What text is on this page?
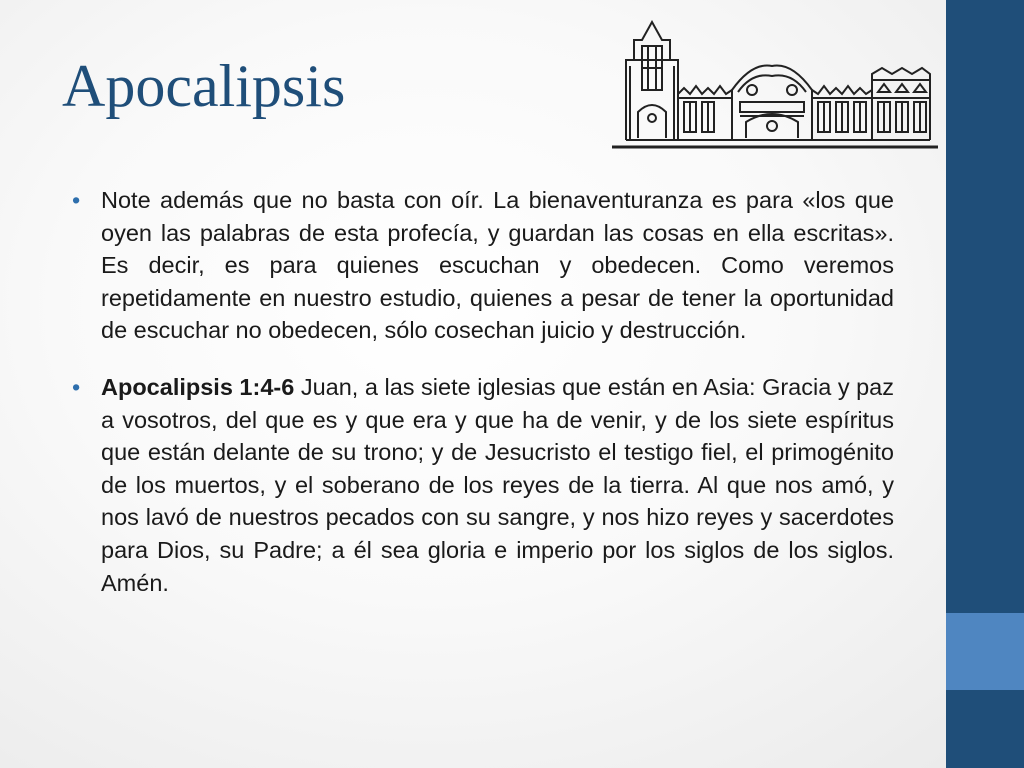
Apocalipsis
• Note además que no basta con oír. La bienaventuranza es para «los que oyen las palabras de esta profecía, y guardan las cosas en ella escritas». Es decir, es para quienes escuchan y obedecen. Como veremos repetidamente en nuestro estudio, quienes a pesar de tener la oportunidad de escuchar no obedecen, sólo cosechan juicio y destrucción.
• Apocalipsis 1:4-6 Juan, a las siete iglesias que están en Asia: Gracia y paz a vosotros, del que es y que era y que ha de venir, y de los siete espíritus que están delante de su trono; y de Jesucristo el testigo fiel, el primogénito de los muertos, y el soberano de los reyes de la tierra. Al que nos amó, y nos lavó de nuestros pecados con su sangre, y nos hizo reyes y sacerdotes para Dios, su Padre; a él sea gloria e imperio por los siglos de los siglos. Amén.
